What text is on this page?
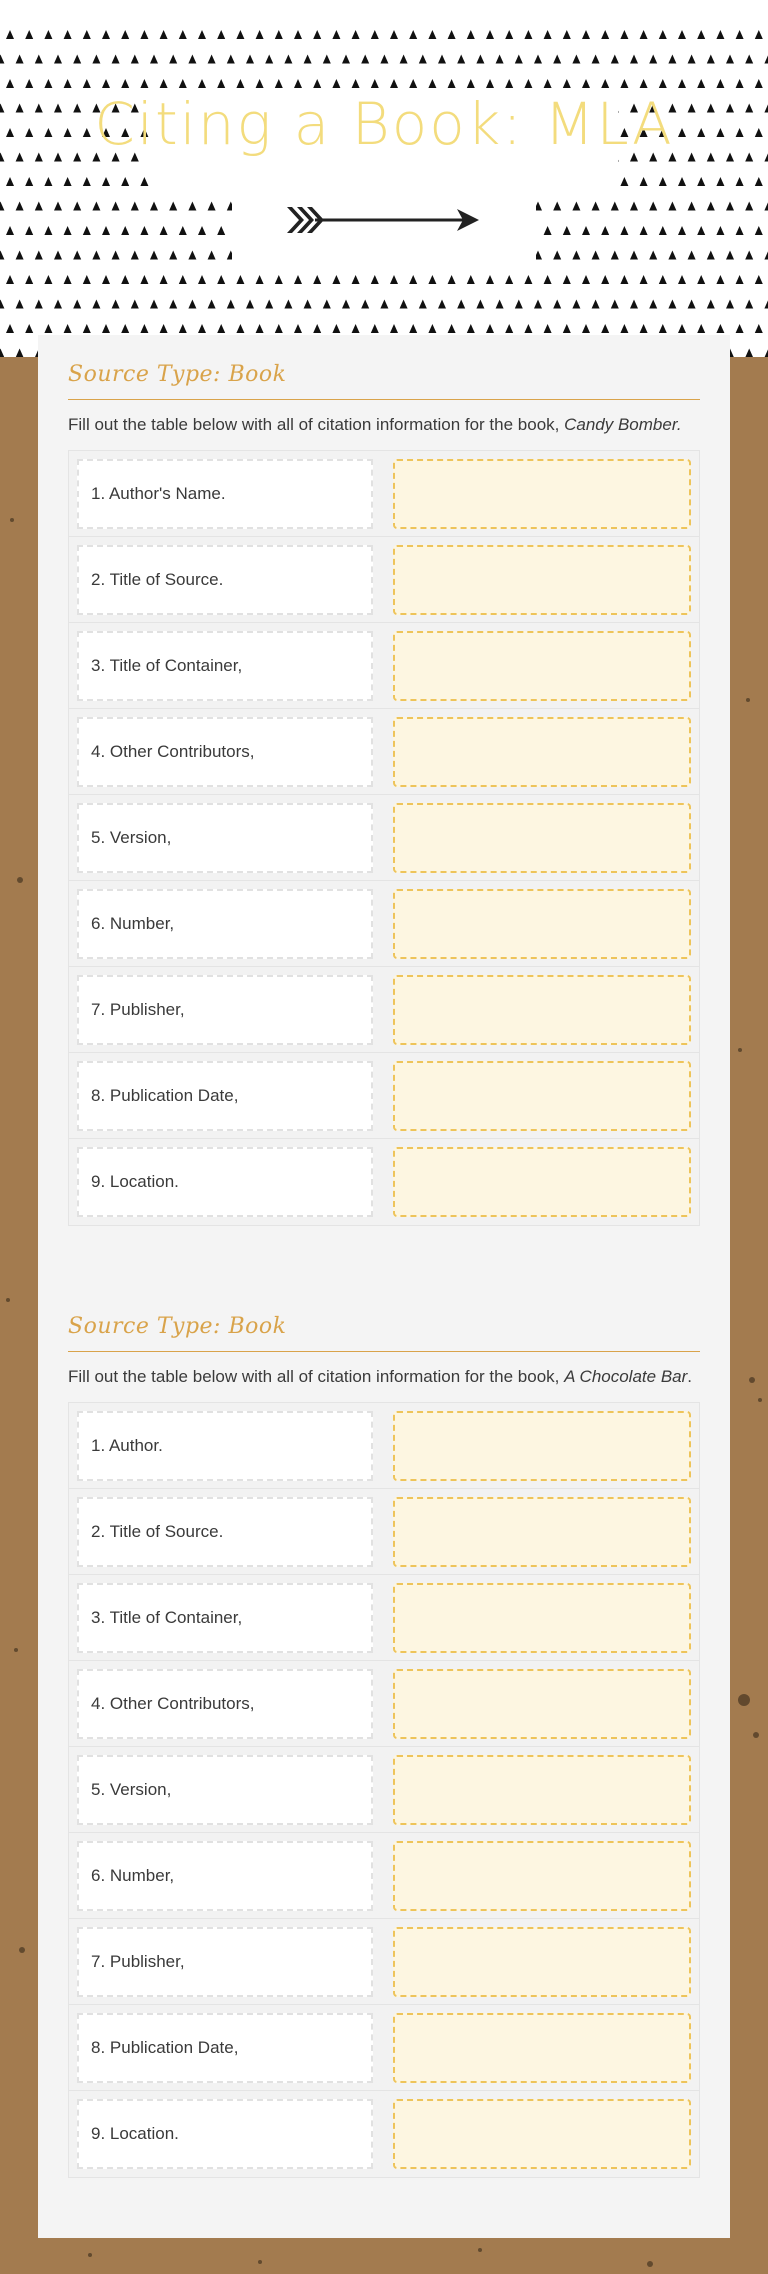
Citing a Book: MLA
Source Type: Book
Fill out the table below with all of citation information for the book, Candy Bomber.
1. Author's Name.
2. Title of Source.
3. Title of Container,
4. Other Contributors,
5. Version,
6. Number,
7. Publisher,
8. Publication Date,
9. Location.
Source Type: Book
Fill out the table below with all of citation information for the book, A Chocolate Bar.
1. Author.
2. Title of Source.
3. Title of Container,
4. Other Contributors,
5. Version,
6. Number,
7. Publisher,
8. Publication Date,
9. Location.
